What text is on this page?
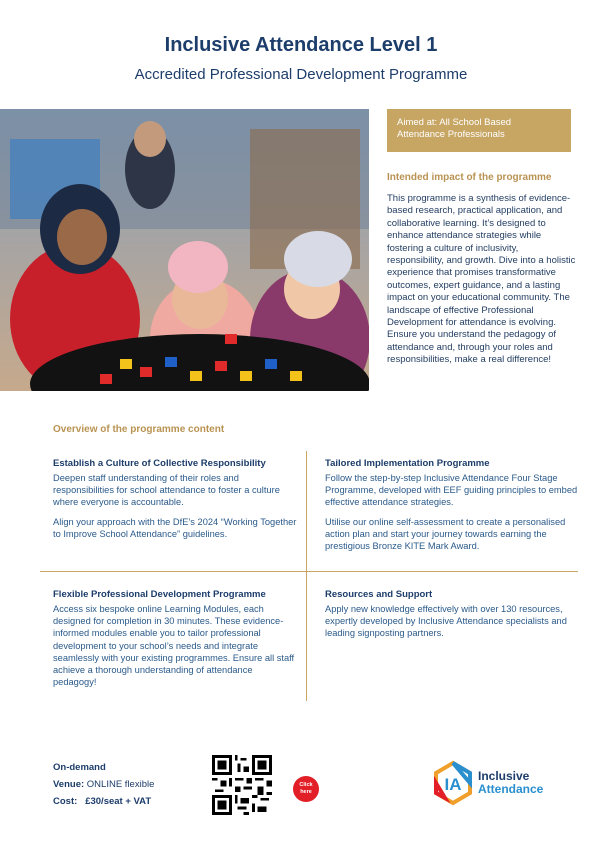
Inclusive Attendance Level 1
Accredited Professional Development Programme
Aimed at: All School Based Attendance Professionals
Intended impact of the programme
This programme is a synthesis of evidence-based research, practical application, and collaborative learning. It’s designed to enhance attendance strategies while fostering a culture of inclusivity, responsibility, and growth. Dive into a holistic experience that promises transformative outcomes, expert guidance, and a lasting impact on your educational community. The landscape of effective Professional Development for attendance is evolving. Ensure you understand the pedagogy of attendance and, through your roles and responsibilities, make a real difference!
Overview of the programme content
Establish a Culture of Collective Responsibility

Deepen staff understanding of their roles and responsibilities for school attendance to foster a culture where everyone is accountable.

Align your approach with the DfE’s 2024 “Working Together to Improve School Attendance” guidelines.

Tailored Implementation Programme

Follow the step-by-step Inclusive Attendance Four Stage Programme, developed with EEF guiding principles to embed effective attendance strategies.

Utilise our online self-assessment to create a personalised action plan and start your journey towards earning the prestigious Bronze KITE Mark Award.

Flexible Professional Development Programme

Access six bespoke online Learning Modules, each designed for completion in 30 minutes. These evidence-informed modules enable you to tailor professional development to your school’s needs and integrate seamlessly with your existing programmes. Ensure all staff achieve a thorough understanding of attendance pedagogy!

Resources and Support

Apply new knowledge effectively with over 130 resources, expertly developed by Inclusive Attendance specialists and leading signposting partners.

On-demand
Venue: ONLINE flexible
Cost: £30/seat + VAT
Click
here	IA Inclusive
Attendance
